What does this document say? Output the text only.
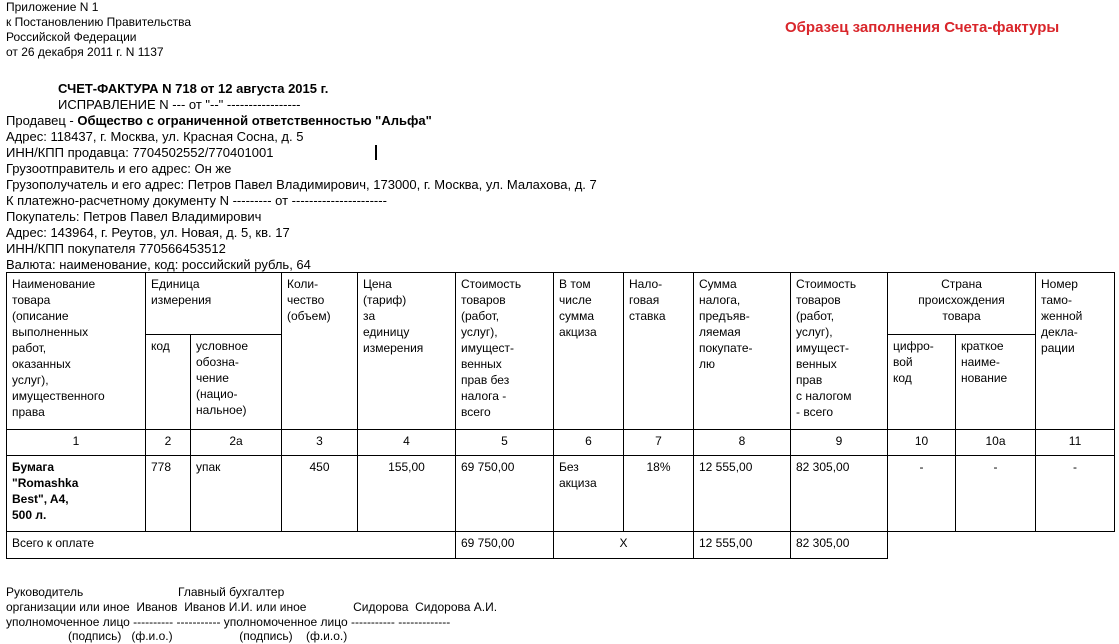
Приложение N 1
к Постановлению Правительства
Российской Федерации
от 26 декабря 2011 г. N 1137
Образец заполнения Счета-фактуры
СЧЕТ-ФАКТУРА N 718 от 12 августа 2015 г.
ИСПРАВЛЕНИЕ N --- от "--" -----------------
Продавец - Общество с ограниченной ответственностью "Альфа"
Адрес: 118437, г. Москва, ул. Красная Сосна, д. 5
ИНН/КПП продавца: 7704502552/770401001
Грузоотправитель и его адрес: Он же
Грузополучатель и его адрес: Петров Павел Владимирович, 173000, г. Москва, ул. Малахова, д. 7
К платежно-расчетному документу N --------- от ----------------------
Покупатель: Петров Павел Владимирович
Адрес: 143964, г. Реутов, ул. Новая, д. 5, кв. 17
ИНН/КПП покупателя 770566453512
Валюта: наименование, код: российский рубль, 64
Наименование
товара
(описание
выполненных
работ,
оказанных
услуг),
имущественного
права	Единица
измерения	Коли-
чество
(объем)	Цена
(тариф)
за
единицу
измерения	Стоимость
товаров
(работ,
услуг),
имущест-
венных
прав без
налога -
всего	В том
числе
сумма
акциза	Нало-
говая
ставка	Сумма
налога,
предъяв-
ляемая
покупате-
лю	Стоимость
товаров
(работ,
услуг),
имущест-
венных
прав
с налогом
- всего	Страна
происхождения
товара	Номер
тамо-
женной
декла-
рации
код	условное
обозна-
чение
(нацио-
нальное)	цифро-
вой
код	краткое
наиме-
нование
1	2	2а	3	4	5	6	7	8	9	10	10а	11
Бумага
"Romashka
Best", A4,
500 л.	778	упак	450	155,00	69 750,00	Без
акциза	18%	12 555,00	82 305,00	-	-	-
Всего к оплате	69 750,00	X	12 555,00	82 305,00			
Руководитель	Главный бухгалтер
организации или иное  Иванов  Иванов И.И. или иное              Сидорова  Сидорова А.И.
уполномоченное лицо ---------- ----------- уполномоченное лицо ----------- -------------
(подпись)   (ф.и.о.)                    (подпись)    (ф.и.о.)
